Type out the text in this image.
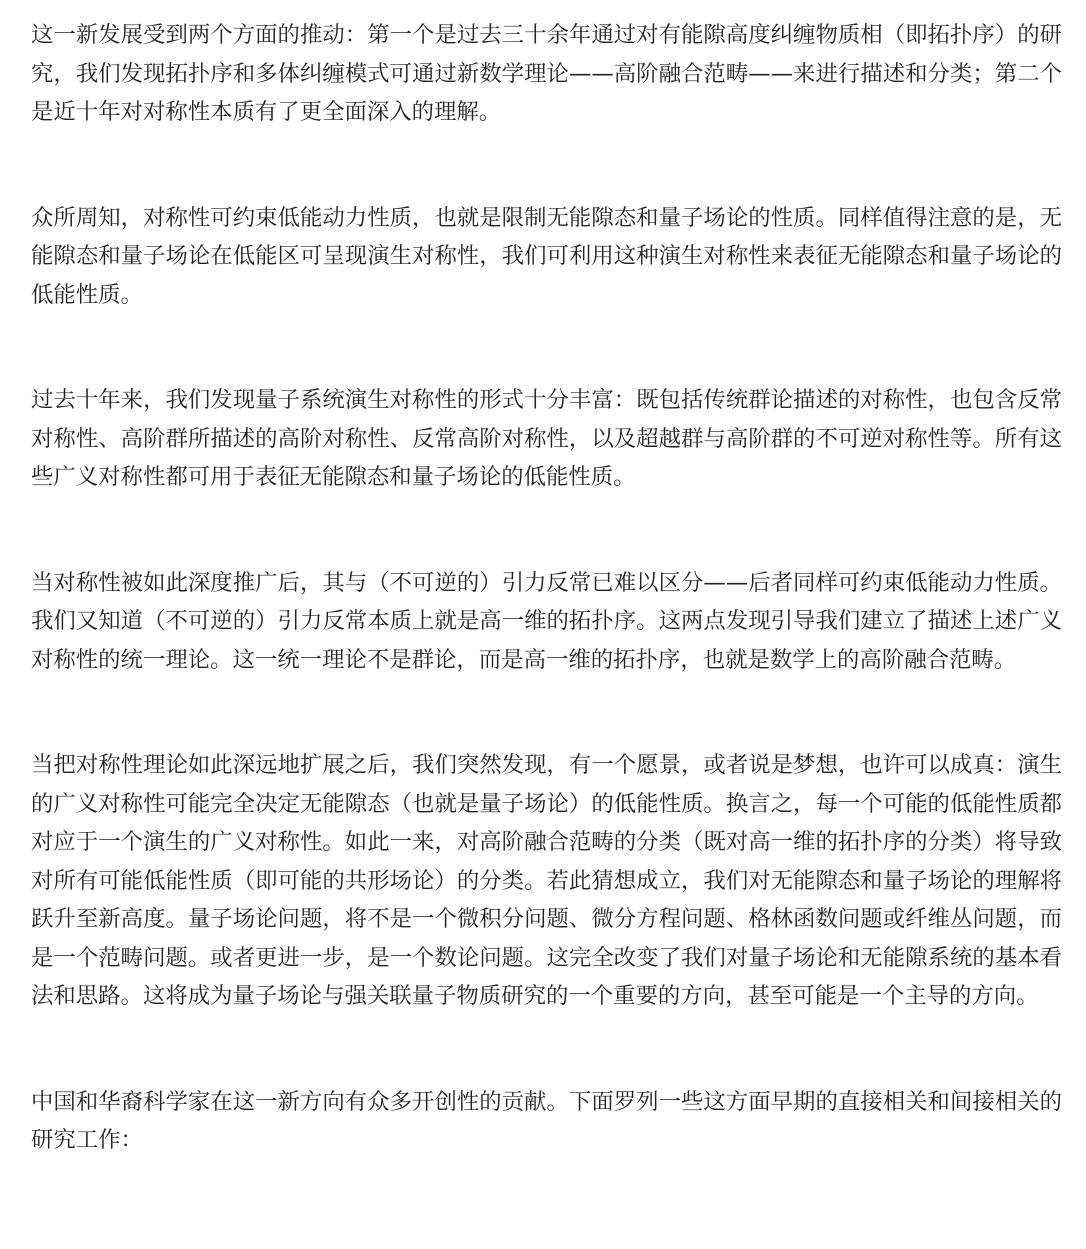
这一新发展受到两个方面的推动：第一个是过去三十余年通过对有能隙高度纠缠物质相（即拓扑序）的研究，我们发现拓扑序和多体纠缠模式可通过新数学理论——高阶融合范畴——来进行描述和分类；第二个是近十年对对称性本质有了更全面深入的理解。

众所周知，对称性可约束低能动力性质，也就是限制无能隙态和量子场论的性质。同样值得注意的是，无能隙态和量子场论在低能区可呈现演生对称性，我们可利用这种演生对称性来表征无能隙态和量子场论的低能性质。

过去十年来，我们发现量子系统演生对称性的形式十分丰富：既包括传统群论描述的对称性，也包含反常对称性、高阶群所描述的高阶对称性、反常高阶对称性，以及超越群与高阶群的不可逆对称性等。所有这些广义对称性都可用于表征无能隙态和量子场论的低能性质。

当对称性被如此深度推广后，其与（不可逆的）引力反常已难以区分——后者同样可约束低能动力性质。我们又知道（不可逆的）引力反常本质上就是高一维的拓扑序。这两点发现引导我们建立了描述上述广义对称性的统一理论。这一统一理论不是群论，而是高一维的拓扑序，也就是数学上的高阶融合范畴。

当把对称性理论如此深远地扩展之后，我们突然发现，有一个愿景，或者说是梦想，也许可以成真：演生的广义对称性可能完全决定无能隙态（也就是量子场论）的低能性质。换言之，每一个可能的低能性质都对应于一个演生的广义对称性。如此一来，对高阶融合范畴的分类（既对高一维的拓扑序的分类）将导致对所有可能低能性质（即可能的共形场论）的分类。若此猜想成立，我们对无能隙态和量子场论的理解将跃升至新高度。量子场论问题，将不是一个微积分问题、微分方程问题、格林函数问题或纤维丛问题，而是一个范畴问题。或者更进一步，是一个数论问题。这完全改变了我们对量子场论和无能隙系统的基本看法和思路。这将成为量子场论与强关联量子物质研究的一个重要的方向，甚至可能是一个主导的方向。

中国和华裔科学家在这一新方向有众多开创性的贡献。下面罗列一些这方面早期的直接相关和间接相关的研究工作：
